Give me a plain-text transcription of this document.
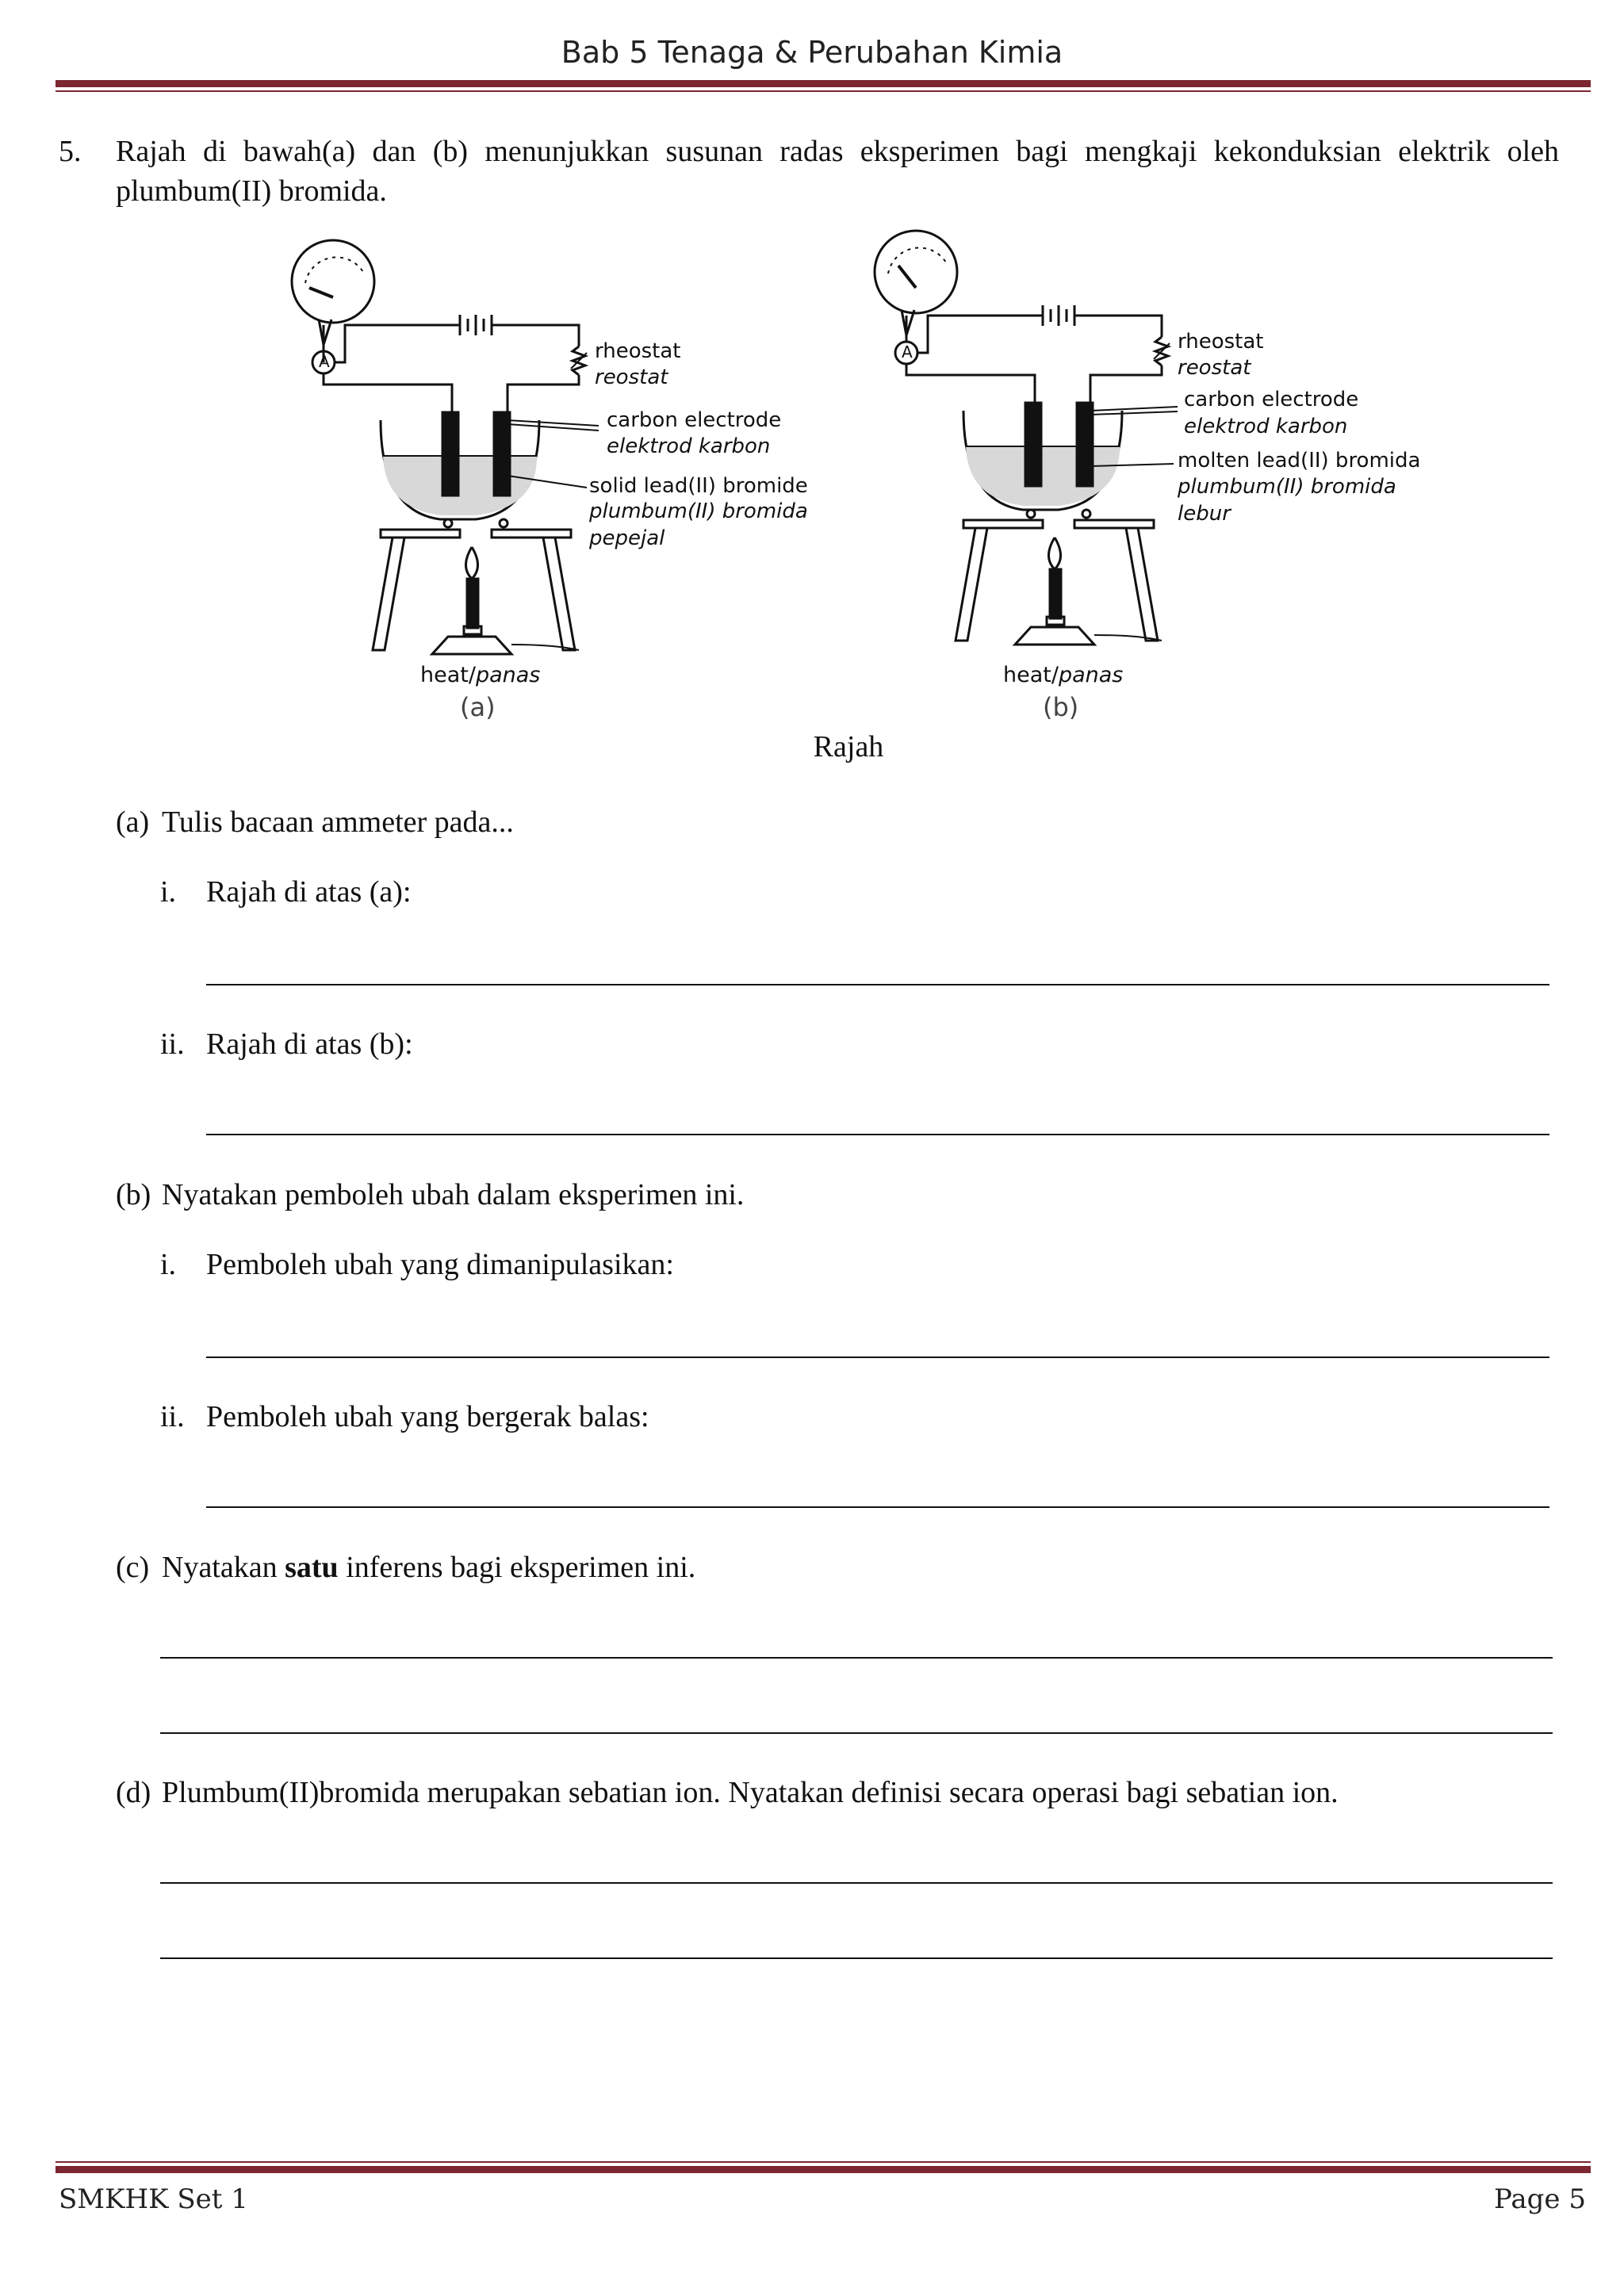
Bab 5 Tenaga & Perubahan Kimia
5. Rajah di bawah(a) dan (b) menunjukkan susunan radas eksperimen bagi mengkaji kekonduksian elektrik oleh plumbum(II) bromida.
rheostat
reostat
carbon electrode
elektrod karbon
solid lead(II) bromide
plumbum(II) bromida
pepejal
A
heat/panas
(a)
rheostat
reostat
carbon electrode
elektrod karbon
molten lead(II) bromida
plumbum(II) bromida
lebur
A
heat/panas
(b)
Rajah
(a) Tulis bacaan ammeter pada...
i. Rajah di atas (a):
ii. Rajah di atas (b):
(b) Nyatakan pemboleh ubah dalam eksperimen ini.
i. Pemboleh ubah yang dimanipulasikan:
ii. Pemboleh ubah yang bergerak balas:
(c) Nyatakan satu inferens bagi eksperimen ini.
(d) Plumbum(II)bromida merupakan sebatian ion. Nyatakan definisi secara operasi bagi sebatian ion.
SMKHK Set 1	Page 5
